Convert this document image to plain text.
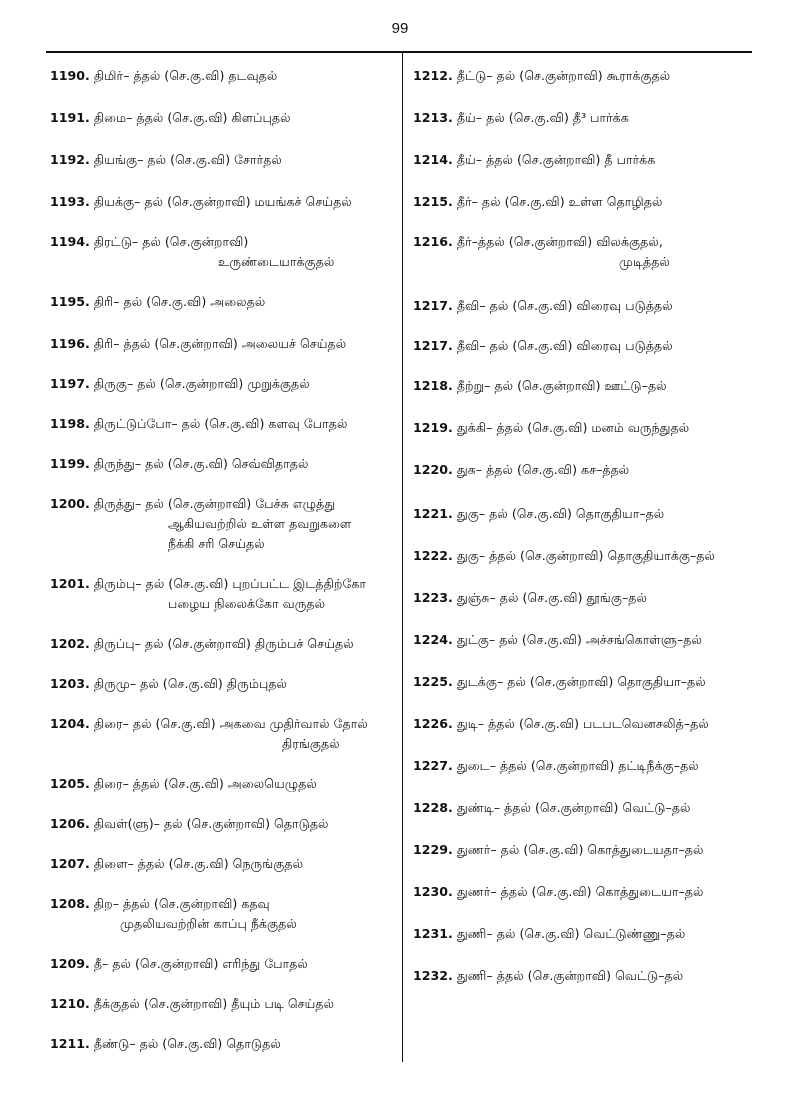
99
1190. திமிர்– த்தல் (செ.கு.வி) தடவுதல்
1191. திமை– த்தல் (செ.கு.வி) கிளப்புதல்
1192. தியங்கு– தல் (செ.கு.வி) சோர்தல்
1193. தியக்கு– தல் (செ.குன்றாவி) மயங்கச் செய்தல்
1194. திரட்டு– தல் (செ.குன்றாவி)
உருண்டையாக்குதல்
1195. திரி– தல் (செ.கு.வி) அலைதல்
1196. திரி– த்தல் (செ.குன்றாவி) அலையச் செய்தல்
1197. திருகு– தல் (செ.குன்றாவி) முறுக்குதல்
1198. திருட்டுப்போ– தல் (செ.கு.வி) களவு போதல்
1199. திருந்து– தல் (செ.கு.வி) செவ்விதாதல்
1200. திருத்து– தல் (செ.குன்றாவி) பேச்சு எழுத்து
ஆகியவற்றில் உள்ள தவறுகளை
நீக்கி சரி செய்தல்
1201. திரும்பு– தல் (செ.கு.வி) புறப்பட்ட இடத்திற்கோ
பழைய நிலைக்கோ வருதல்
1202. திருப்பு– தல் (செ.குன்றாவி) திரும்பச் செய்தல்
1203. திருமு– தல் (செ.கு.வி) திரும்புதல்
1204. திரை– தல் (செ.கு.வி) அகவை முதிர்வால் தோல்
திரங்குதல்
1205. திரை– த்தல் (செ.கு.வி) அலையெழுதல்
1206. திவள்(ளு)– தல் (செ.குன்றாவி) தொடுதல்
1207. திளை– த்தல் (செ.கு.வி) நெருங்குதல்
1208. திற– த்தல் (செ.குன்றாவி) கதவு
முதலியவற்றின் காப்பு நீக்குதல்
1209. தீ– தல் (செ.குன்றாவி) எரிந்து போதல்
1210. தீக்குதல் (செ.குன்றாவி) தீயும் படி செய்தல்
1211. தீண்டு– தல் (செ.கு.வி) தொடுதல்
1212. தீட்டு– தல் (செ.குன்றாவி) கூராக்குதல்
1213. தீய்– தல் (செ.கு.வி) தீ³ பார்க்க
1214. தீய்– த்தல் (செ.குன்றாவி) தீ பார்க்க
1215. தீர்– தல் (செ.கு.வி) உள்ள தொழிதல்
1216. தீர்–த்தல் (செ.குன்றாவி) விலக்குதல்,
முடித்தல்
1217. தீவி– தல் (செ.கு.வி) விரைவு படுத்தல்
1217. தீவி– தல் (செ.கு.வி) விரைவு படுத்தல்
1218. தீற்று– தல் (செ.குன்றாவி) ஊட்டு–தல்
1219. துக்கி– த்தல் (செ.கு.வி) மனம் வருந்துதல்
1220. துக– த்தல் (செ.கு.வி) கச–த்தல்
1221. துகு– தல் (செ.கு.வி) தொகுதியா–தல்
1222. துகு– த்தல் (செ.குன்றாவி) தொகுதியாக்கு–தல்
1223. துஞ்சு– தல் (செ.கு.வி) தூங்கு–தல்
1224. துட்கு– தல் (செ.கு.வி) அச்சங்கொள்ளு–தல்
1225. துடக்கு– தல் (செ.குன்றாவி) தொகுதியா–தல்
1226. துடி– த்தல் (செ.கு.வி) படபடவெனசலித்–தல்
1227. துடை– த்தல் (செ.குன்றாவி) தட்டிநீக்கு–தல்
1228. துண்டி– த்தல் (செ.குன்றாவி) வெட்டு–தல்
1229. துணர்– தல் (செ.கு.வி) கொத்துடையதா–தல்
1230. துணர்– த்தல் (செ.கு.வி) கொத்துடையா–தல்
1231. துணி– தல் (செ.கு.வி) வெட்டுண்ணு–தல்
1232. துணி– த்தல் (செ.குன்றாவி) வெட்டு–தல்
